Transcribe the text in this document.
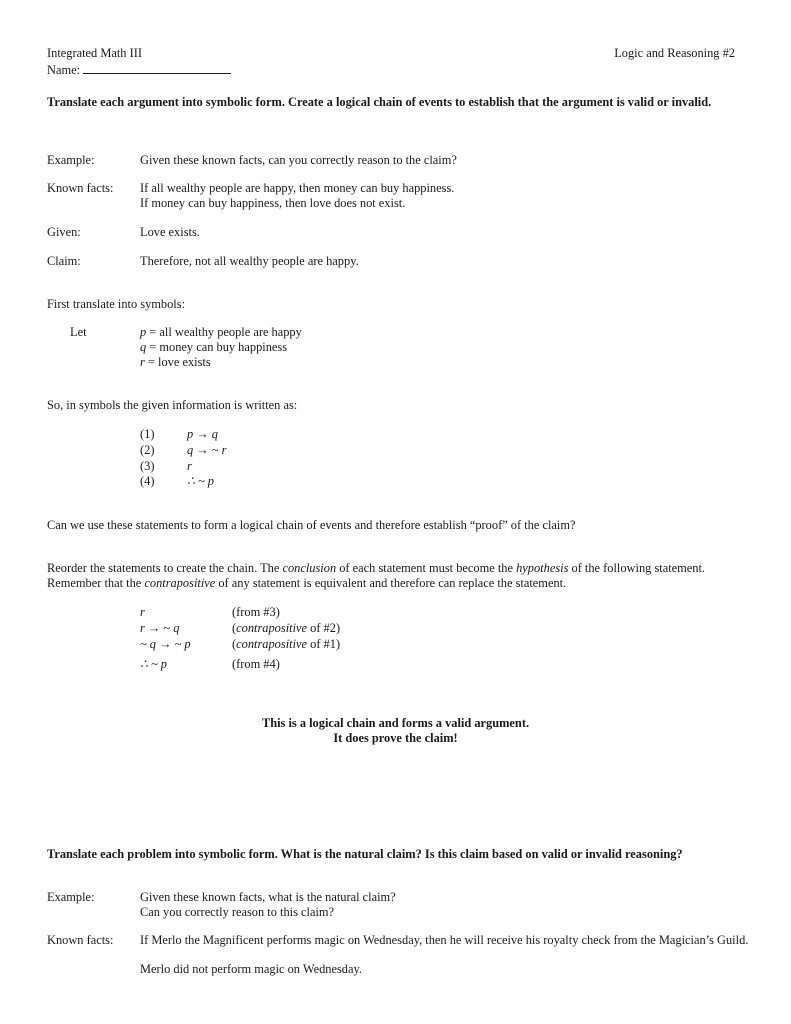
Integrated Math III	Logic and Reasoning #2
Name:
Translate each argument into symbolic form. Create a logical chain of events to establish that the argument is valid or invalid.
Example:	Given these known facts, can you correctly reason to the claim?
Known facts: If all wealthy people are happy, then money can buy happiness.
If money can buy happiness, then love does not exist.
Given:	Love exists.
Claim:	Therefore, not all wealthy people are happy.
First translate into symbols:
Let	p = all wealthy people are happy
q = money can buy happiness
r = love exists
So, in symbols the given information is written as:
(1)	p → q
(2)	q → ~ r
(3)	r
(4)	∴ ~ p
Can we use these statements to form a logical chain of events and therefore establish “proof” of the claim?
Reorder the statements to create the chain. The conclusion of each statement must become the hypothesis of the following statement.
Remember that the contrapositive of any statement is equivalent and therefore can replace the statement.
r	(from #3)
r → ~ q	(contrapositive of #2)
~ q → ~ p	(contrapositive of #1)
∴ ~ p	(from #4)
This is a logical chain and forms a valid argument.
It does prove the claim!
Translate each problem into symbolic form. What is the natural claim? Is this claim based on valid or invalid reasoning?
Example:	Given these known facts, what is the natural claim?
Can you correctly reason to this claim?
Known facts: If Merlo the Magnificent performs magic on Wednesday, then he will receive his royalty check from the Magician’s Guild.
Merlo did not perform magic on Wednesday.
